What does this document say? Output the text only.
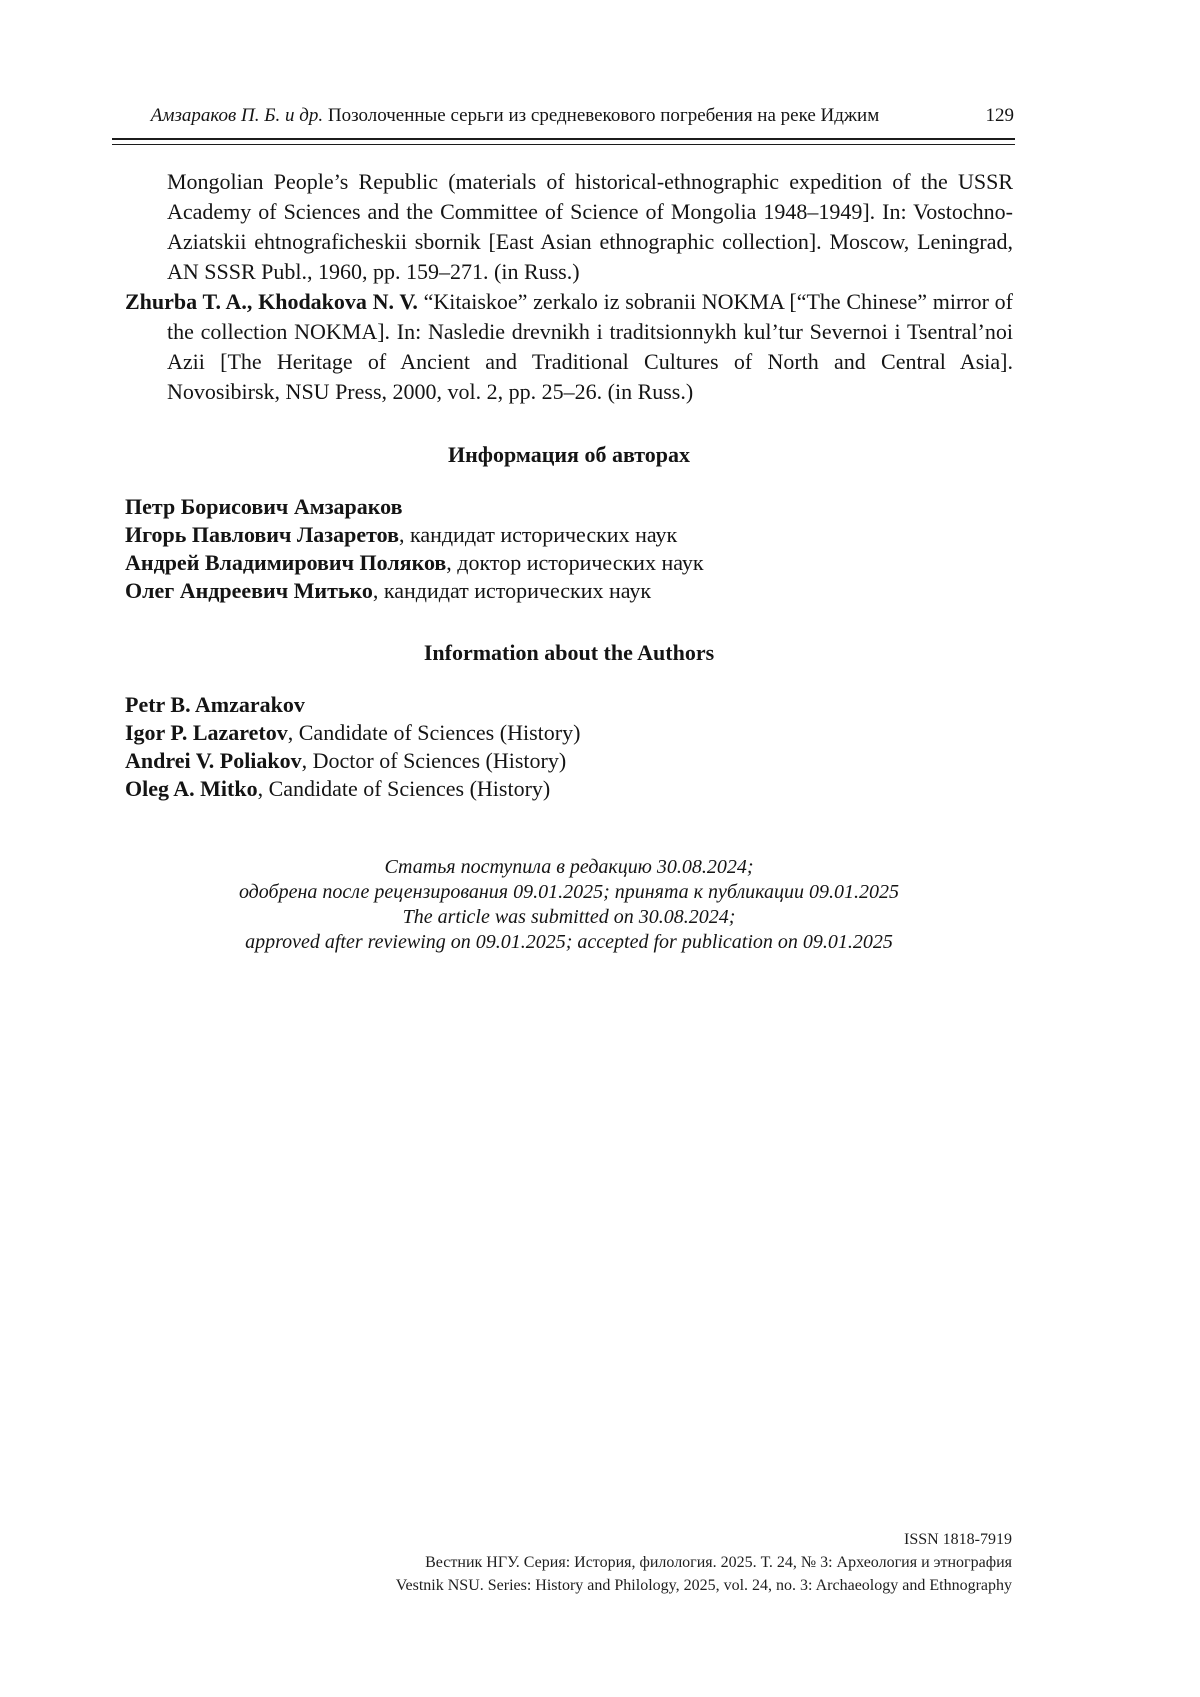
Амзараков П. Б. и др. Позолоченные серьги из средневекового погребения на реке Иджим	129
Mongolian People’s Republic (materials of historical-ethnographic expedition of the USSR Academy of Sciences and the Committee of Science of Mongolia 1948–1949]. In: Vostochno-Aziatskii ehtnograficheskii sbornik [East Asian ethnographic collection]. Moscow, Leningrad, AN SSSR Publ., 1960, pp. 159–271. (in Russ.)
Zhurba T. A., Khodakova N. V. “Kitaiskoe” zerkalo iz sobranii NOKMA [“The Chinese” mirror of the collection NOKMA]. In: Nasledie drevnikh i traditsionnykh kul’tur Severnoi i Tsentral’noi Azii [The Heritage of Ancient and Traditional Cultures of North and Central Asia]. Novosibirsk, NSU Press, 2000, vol. 2, pp. 25–26. (in Russ.)
Информация об авторах
Петр Борисович Амзараков
Игорь Павлович Лазаретов, кандидат исторических наук
Андрей Владимирович Поляков, доктор исторических наук
Олег Андреевич Митько, кандидат исторических наук
Information about the Authors
Petr B. Amzarakov
Igor P. Lazaretov, Candidate of Sciences (History)
Andrei V. Poliakov, Doctor of Sciences (History)
Oleg A. Mitko, Candidate of Sciences (History)
Статья поступила в редакцию 30.08.2024;
одобрена после рецензирования 09.01.2025; принята к публикации 09.01.2025
The article was submitted on 30.08.2024;
approved after reviewing on 09.01.2025; accepted for publication on 09.01.2025
ISSN 1818-7919
Вестник НГУ. Серия: История, филология. 2025. Т. 24, № 3: Археология и этнография
Vestnik NSU. Series: History and Philology, 2025, vol. 24, no. 3: Archaeology and Ethnography
